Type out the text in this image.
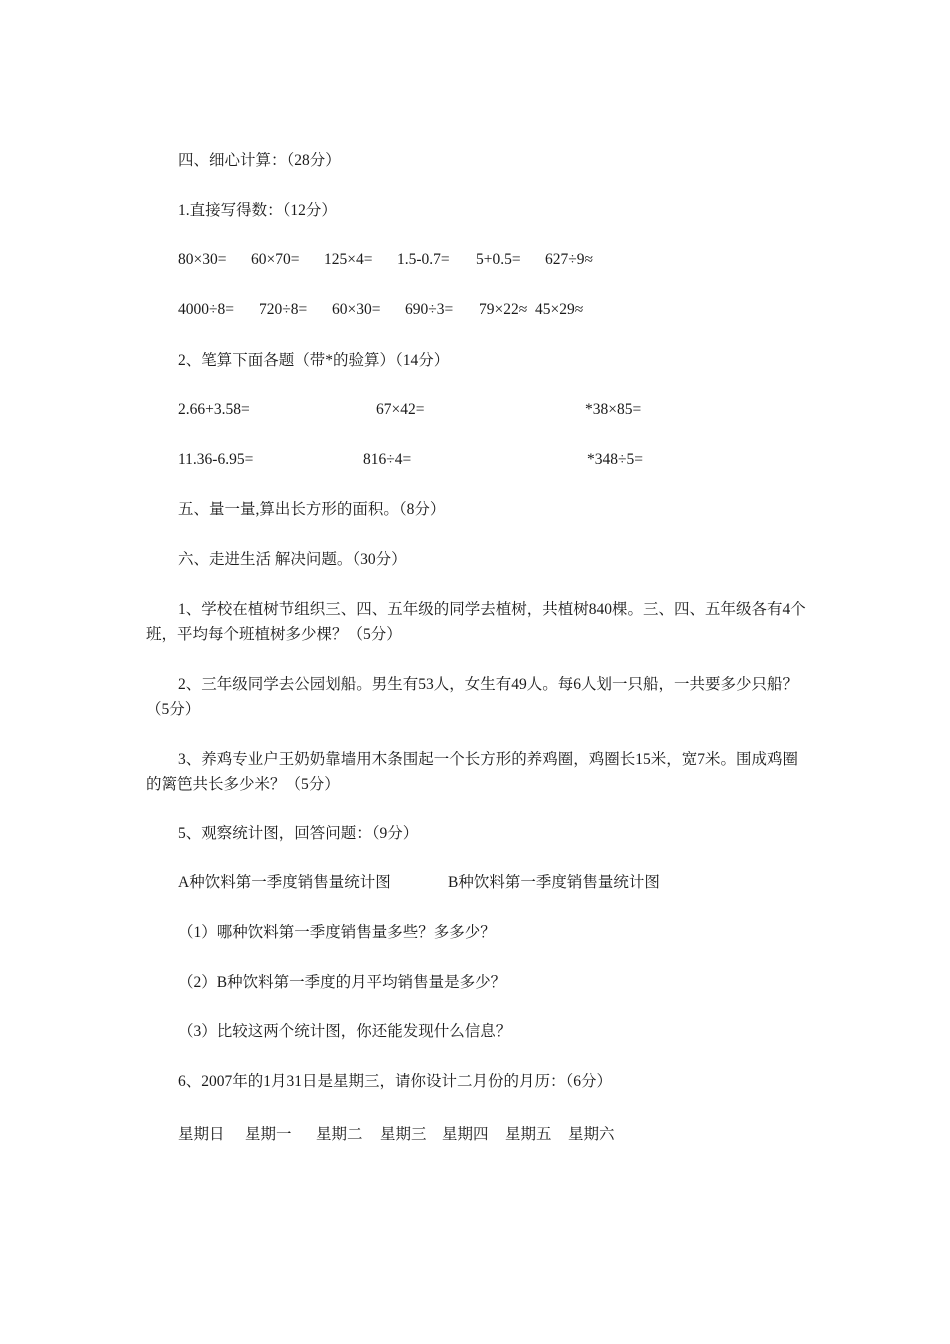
四、细心计算：（28分）
1.直接写得数：（12分）
80×30= 60×70= 125×4= 1.5-0.7= 5+0.5= 627÷9≈
4000÷8= 720÷8= 60×30= 690÷3= 79×22≈ 45×29≈
2、笔算下面各题（带*的验算）（14分）
2.66+3.58=	67×42=	*38×85=
11.36-6.95=	816÷4=	*348÷5=
五、量一量,算出长方形的面积。（8分）
六、走进生活 解决问题。（30分）
1、学校在植树节组织三、四、五年级的同学去植树，共植树840棵。三、四、五年级各有4个班，平均每个班植树多少棵？（5分）
2、三年级同学去公园划船。男生有53人，女生有49人。每6人划一只船，一共要多少只船？（5分）
3、养鸡专业户王奶奶靠墙用木条围起一个长方形的养鸡圈，鸡圈长15米，宽7米。围成鸡圈的篱笆共长多少米？（5分）
5、观察统计图，回答问题：（9分）
A种饮料第一季度销售量统计图	B种饮料第一季度销售量统计图
（1）哪种饮料第一季度销售量多些？多多少？
（2）B种饮料第一季度的月平均销售量是多少？
（3）比较这两个统计图，你还能发现什么信息？
6、2007年的1月31日是星期三，请你设计二月份的月历：（6分）
星期日 星期一 星期二 星期三 星期四 星期五 星期六
